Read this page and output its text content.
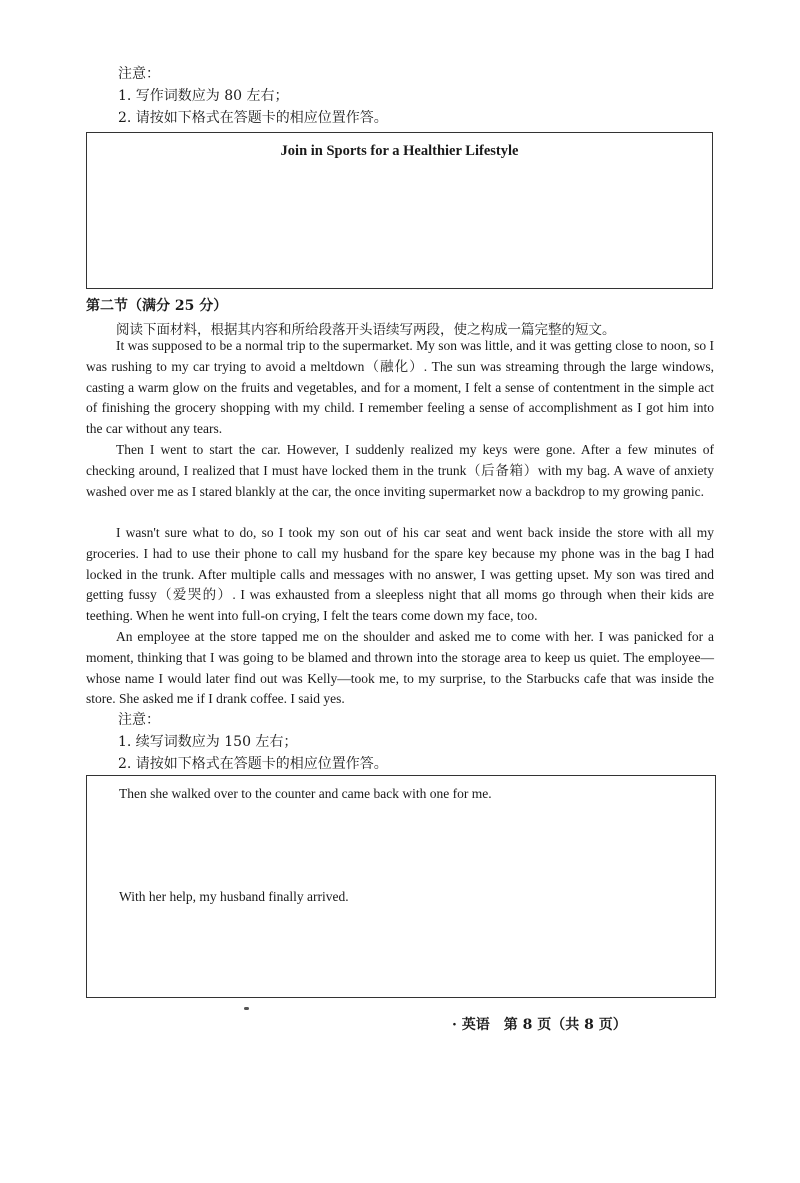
注意：
1. 写作词数应为 80 左右；
2. 请按如下格式在答题卡的相应位置作答。
Join in Sports for a Healthier Lifestyle
第二节（满分 25 分）
阅读下面材料，根据其内容和所给段落开头语续写两段，使之构成一篇完整的短文。

It was supposed to be a normal trip to the supermarket. My son was little, and it was getting close to noon, so I was rushing to my car trying to avoid a meltdown（融化）. The sun was streaming through the large windows, casting a warm glow on the fruits and vegetables, and for a moment, I felt a sense of contentment in the simple act of finishing the grocery shopping with my child. I remember feeling a sense of accomplishment as I got him into the car without any tears.

Then I went to start the car. However, I suddenly realized my keys were gone. After a few minutes of checking around, I realized that I must have locked them in the trunk（后备箱）with my bag. A wave of anxiety washed over me as I stared blankly at the car, the once inviting supermarket now a backdrop to my growing panic.

I wasn't sure what to do, so I took my son out of his car seat and went back inside the store with all my groceries. I had to use their phone to call my husband for the spare key because my phone was in the bag I had locked in the trunk. After multiple calls and messages with no answer, I was getting upset. My son was tired and getting fussy（爱哭的）. I was exhausted from a sleepless night that all moms go through when their kids are teething. When he went into full-on crying, I felt the tears come down my face, too.

An employee at the store tapped me on the shoulder and asked me to come with her. I was panicked for a moment, thinking that I was going to be blamed and thrown into the storage area to keep us quiet. The employee—whose name I would later find out was Kelly—took me, to my surprise, to the Starbucks cafe that was inside the store. She asked me if I drank coffee. I said yes.

注意：
1. 续写词数应为 150 左右；
2. 请按如下格式在答题卡的相应位置作答。
Then she walked over to the counter and came back with one for me.
With her help, my husband finally arrived.
· 英语　第 8 页（共 8 页）
